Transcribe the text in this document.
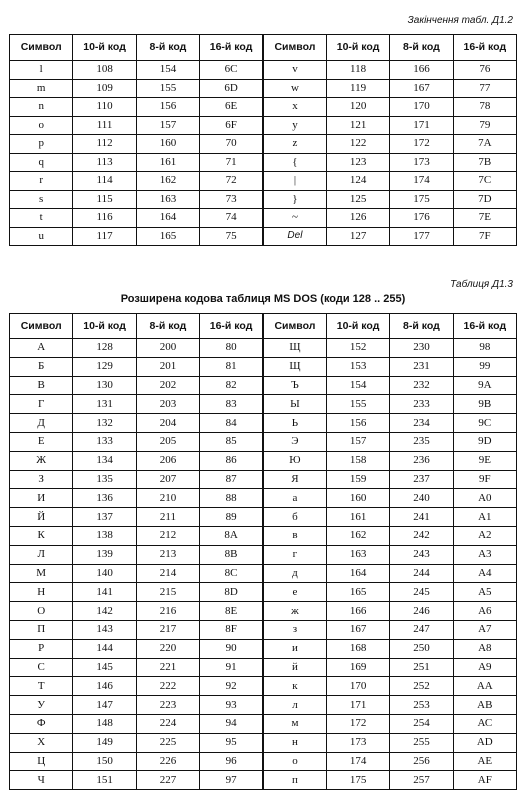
Закінчення табл. Д1.2
Символ	10-й код	8-й код	16-й код	Символ	10-й код	8-й код	16-й код
l	108	154	6C	v	118	166	76
m	109	155	6D	w	119	167	77
n	110	156	6E	x	120	170	78
o	111	157	6F	y	121	171	79
p	112	160	70	z	122	172	7A
q	113	161	71	{	123	173	7B
r	114	162	72	|	124	174	7C
s	115	163	73	}	125	175	7D
t	116	164	74	~	126	176	7E
u	117	165	75	Del	127	177	7F
Таблиця Д1.3
Розширена кодова таблиця MS DOS (коди 128 .. 255)
Символ	10-й код	8-й код	16-й код	Символ	10-й код	8-й код	16-й код
А	128	200	80	Щ	152	230	98
Б	129	201	81	Щ	153	231	99
В	130	202	82	Ъ	154	232	9А
Г	131	203	83	Ы	155	233	9В
Д	132	204	84	Ь	156	234	9С
Е	133	205	85	Э	157	235	9D
Ж	134	206	86	Ю	158	236	9Е
З	135	207	87	Я	159	237	9F
И	136	210	88	а	160	240	А0
Й	137	211	89	б	161	241	А1
К	138	212	8А	в	162	242	А2
Л	139	213	8В	г	163	243	А3
М	140	214	8С	д	164	244	А4
Н	141	215	8D	е	165	245	А5
О	142	216	8Е	ж	166	246	А6
П	143	217	8F	з	167	247	А7
Р	144	220	90	и	168	250	А8
С	145	221	91	й	169	251	А9
Т	146	222	92	к	170	252	АА
У	147	223	93	л	171	253	АВ
Ф	148	224	94	м	172	254	АС
Х	149	225	95	н	173	255	AD
Ц	150	226	96	о	174	256	АЕ
Ч	151	227	97	п	175	257	AF
